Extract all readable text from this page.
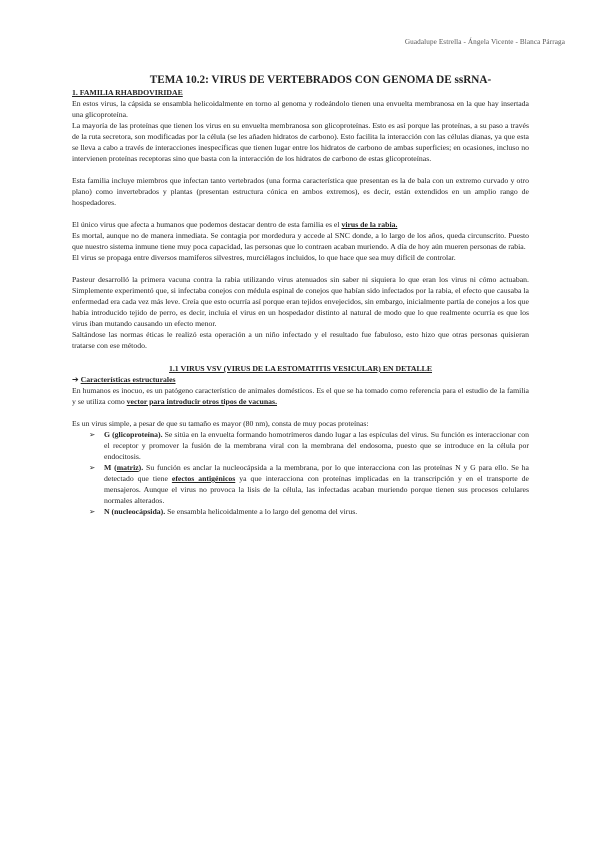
Guadalupe Estrella - Ángela Vicente - Blanca Párraga
TEMA 10.2: VIRUS DE VERTEBRADOS CON GENOMA DE ssRNA-
1. FAMILIA RHABDOVIRIDAE

En estos virus, la cápsida se ensambla helicoidalmente en torno al genoma y rodeándolo tienen una envuelta membranosa en la que hay insertada una glicoproteína.

La mayoría de las proteínas que tienen los virus en su envuelta membranosa son glicoproteínas. Esto es así porque las proteínas, a su paso a través de la ruta secretora, son modificadas por la célula (se les añaden hidratos de carbono). Esto facilita la interacción con las células dianas, ya que esta se lleva a cabo a través de interacciones inespecíficas que tienen lugar entre los hidratos de carbono de ambas superficies; en ocasiones, incluso no intervienen proteínas receptoras sino que basta con la interacción de los hidratos de carbono de estas glicoproteínas.

Esta familia incluye miembros que infectan tanto vertebrados (una forma característica que presentan es la de bala con un extremo curvado y otro plano) como invertebrados y plantas (presentan estructura cónica en ambos extremos), es decir, están extendidos en un amplio rango de hospedadores.

El único virus que afecta a humanos que podemos destacar dentro de esta familia es el virus de la rabia.

Es mortal, aunque no de manera inmediata. Se contagia por mordedura y accede al SNC donde, a lo largo de los años, queda circunscrito. Puesto que nuestro sistema inmune tiene muy poca capacidad, las personas que lo contraen acaban muriendo. A día de hoy aún mueren personas de rabia.

El virus se propaga entre diversos mamíferos silvestres, murciélagos incluidos, lo que hace que sea muy difícil de controlar.

Pasteur desarrolló la primera vacuna contra la rabia utilizando virus atenuados sin saber ni siquiera lo que eran los virus ni cómo actuaban. Simplemente experimentó que, si infectaba conejos con médula espinal de conejos que habían sido infectados por la rabia, el efecto que causaba la enfermedad era cada vez más leve. Creía que esto ocurría así porque eran tejidos envejecidos, sin embargo, inicialmente partía de conejos a los que había introducido tejido de perro, es decir, incluía el virus en un hospedador distinto al natural de modo que lo que realmente ocurría es que los virus iban mutando causando un efecto menor.

Saltándose las normas éticas le realizó esta operación a un niño infectado y el resultado fue fabuloso, esto hizo que otras personas quisieran tratarse con ese método.

1.1 VIRUS VSV (VIRUS DE LA ESTOMATITIS VESICULAR) EN DETALLE
➔ Características estructurales

En humanos es inocuo, es un patógeno característico de animales domésticos. Es el que se ha tomado como referencia para el estudio de la familia y se utiliza como vector para introducir otros tipos de vacunas.

Es un virus simple, a pesar de que su tamaño es mayor (80 nm), consta de muy pocas proteínas:

➢ G (glicoproteína). Se sitúa en la envuelta formando homotrímeros dando lugar a las espículas del virus. Su función es interaccionar con el receptor y promover la fusión de la membrana viral con la membrana del endosoma, puesto que se introduce en la célula por endocitosis.
➢ M (matriz). Su función es anclar la nucleocápsida a la membrana, por lo que interacciona con las proteínas N y G para ello. Se ha detectado que tiene efectos antigénicos ya que interacciona con proteínas implicadas en la transcripción y en el transporte de mensajeros. Aunque el virus no provoca la lisis de la célula, las infectadas acaban muriendo porque tienen sus procesos celulares normales alterados.
➢ N (nucleocápsida). Se ensambla helicoidalmente a lo largo del genoma del virus.
